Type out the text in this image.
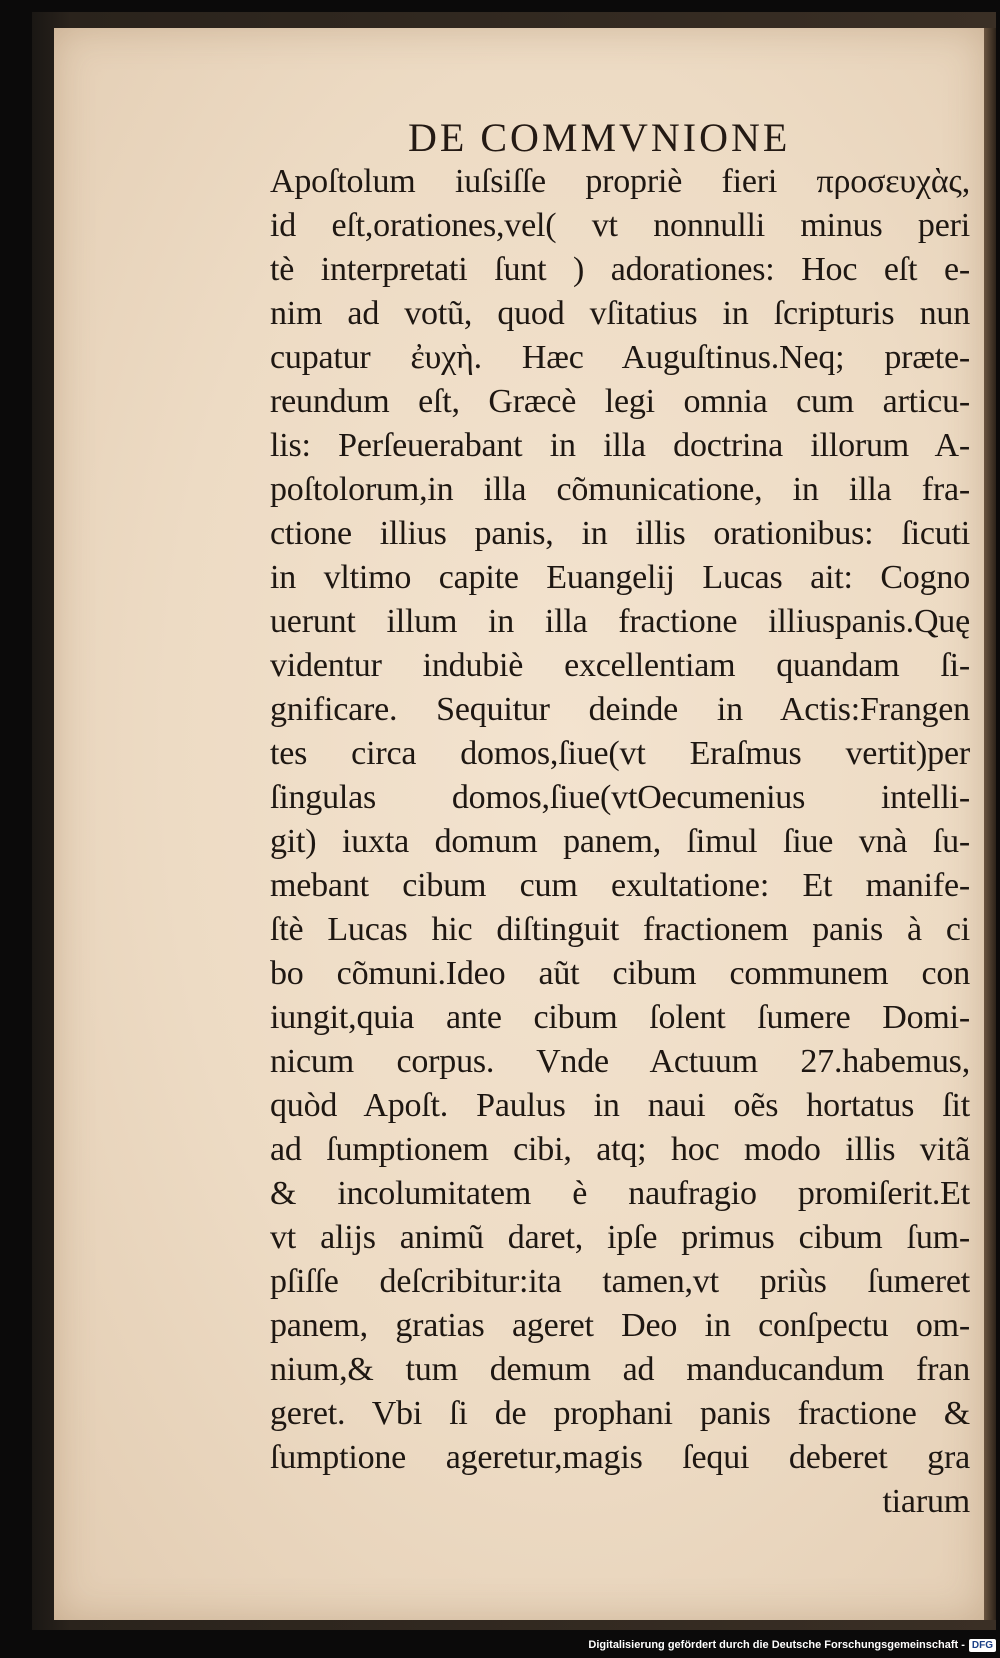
DE COMMVNIONE
Apoſtolum iuſsiſſe propriè fieri προσευχὰς,
id eſt,orationes,vel( vt nonnulli minus peri
tè interpretati ſunt ) adorationes: Hoc eſt e-
nim ad votũ, quod vſitatius in ſcripturis nun
cupatur ἐυχὴ. Hæc Auguſtinus.Neq; præte-
reundum eſt, Græcè legi omnia cum articu-
lis: Perſeuerabant in illa doctrina illorum A-
poſtolorum,in illa cõmunicatione, in illa fra-
ctione illius panis, in illis orationibus: ſicuti
in vltimo capite Euangelij Lucas ait: Cogno
uerunt illum in illa fractione illiuspanis.Quę
videntur indubiè excellentiam quandam ſi-
gnificare. Sequitur deinde in Actis:Frangen
tes circa domos,ſiue(vt Eraſmus vertit)per
ſingulas domos,ſiue(vtOecumenius intelli-
git) iuxta domum panem, ſimul ſiue vnà ſu-
mebant cibum cum exultatione: Et manife-
ſtè Lucas hic diſtinguit fractionem panis à ci
bo cõmuni.Ideo aũt cibum communem con
iungit,quia ante cibum ſolent ſumere Domi-
nicum corpus. Vnde Actuum 27.habemus,
quòd Apoſt. Paulus in naui oẽs hortatus ſit
ad ſumptionem cibi, atq; hoc modo illis vitã
& incolumitatem è naufragio promiſerit.Et
vt alijs animũ daret, ipſe primus cibum ſum-
pſiſſe deſcribitur:ita tamen,vt priùs ſumeret
panem, gratias ageret Deo in conſpectu om-
nium,& tum demum ad manducandum fran
geret. Vbi ſi de prophani panis fractione &
ſumptione ageretur,magis ſequi deberet gra
tiarum
Digitalisierung gefördert durch die Deutsche Forschungsgemeinschaft - DFG
